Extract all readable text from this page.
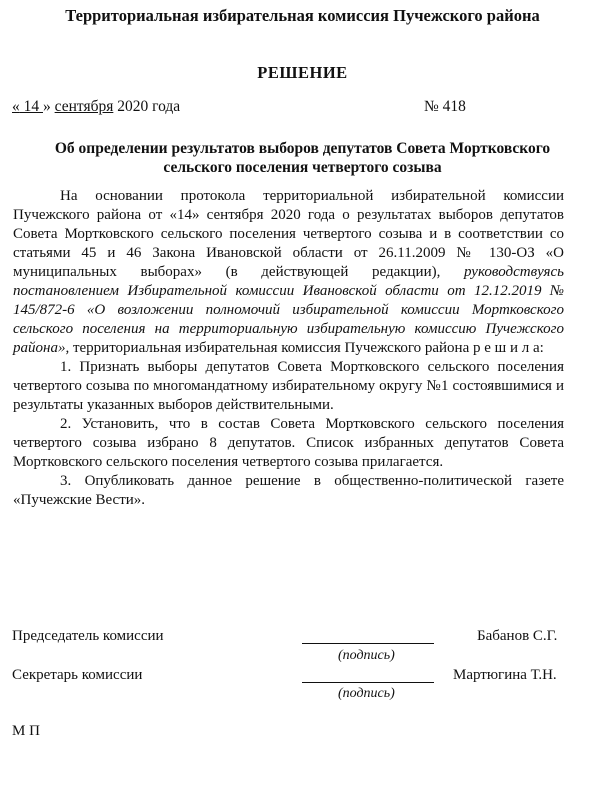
Территориальная избирательная комиссия Пучежского района
РЕШЕНИЕ
« 14 » сентября 2020 года	№ 418
Об определении результатов выборов депутатов Совета Мортковского сельского поселения четвертого созыва

На основании протокола территориальной избирательной комиссии Пучежского района от «14» сентября 2020 года о результатах выборов депутатов Совета Мортковского сельского поселения четвертого созыва и в соответствии со статьями 45 и 46 Закона Ивановской области от 26.11.2009 № 130-ОЗ «О муниципальных выборах» (в действующей редакции), руководствуясь постановлением Избирательной комиссии Ивановской области от 12.12.2019 № 145/872-6 «О возложении полномочий избирательной комиссии Мортковского сельского поселения на территориальную избирательную комиссию Пучежского района», территориальная избирательная комиссия Пучежского района р е ш и л а:

1. Признать выборы депутатов Совета Мортковского сельского поселения четвертого созыва по многомандатному избирательному округу №1 состоявшимися и результаты указанных выборов действительными.

2. Установить, что в состав Совета Мортковского сельского поселения четвертого созыва избрано 8 депутатов. Список избранных депутатов Совета Мортковского сельского поселения четвертого созыва прилагается.

3. Опубликовать данное решение в общественно-политической газете «Пучежские Вести».

Председатель комиссии	Бабанов С.Г.
(подпись)
Секретарь комиссии	Мартюгина Т.Н.
(подпись)
М П
